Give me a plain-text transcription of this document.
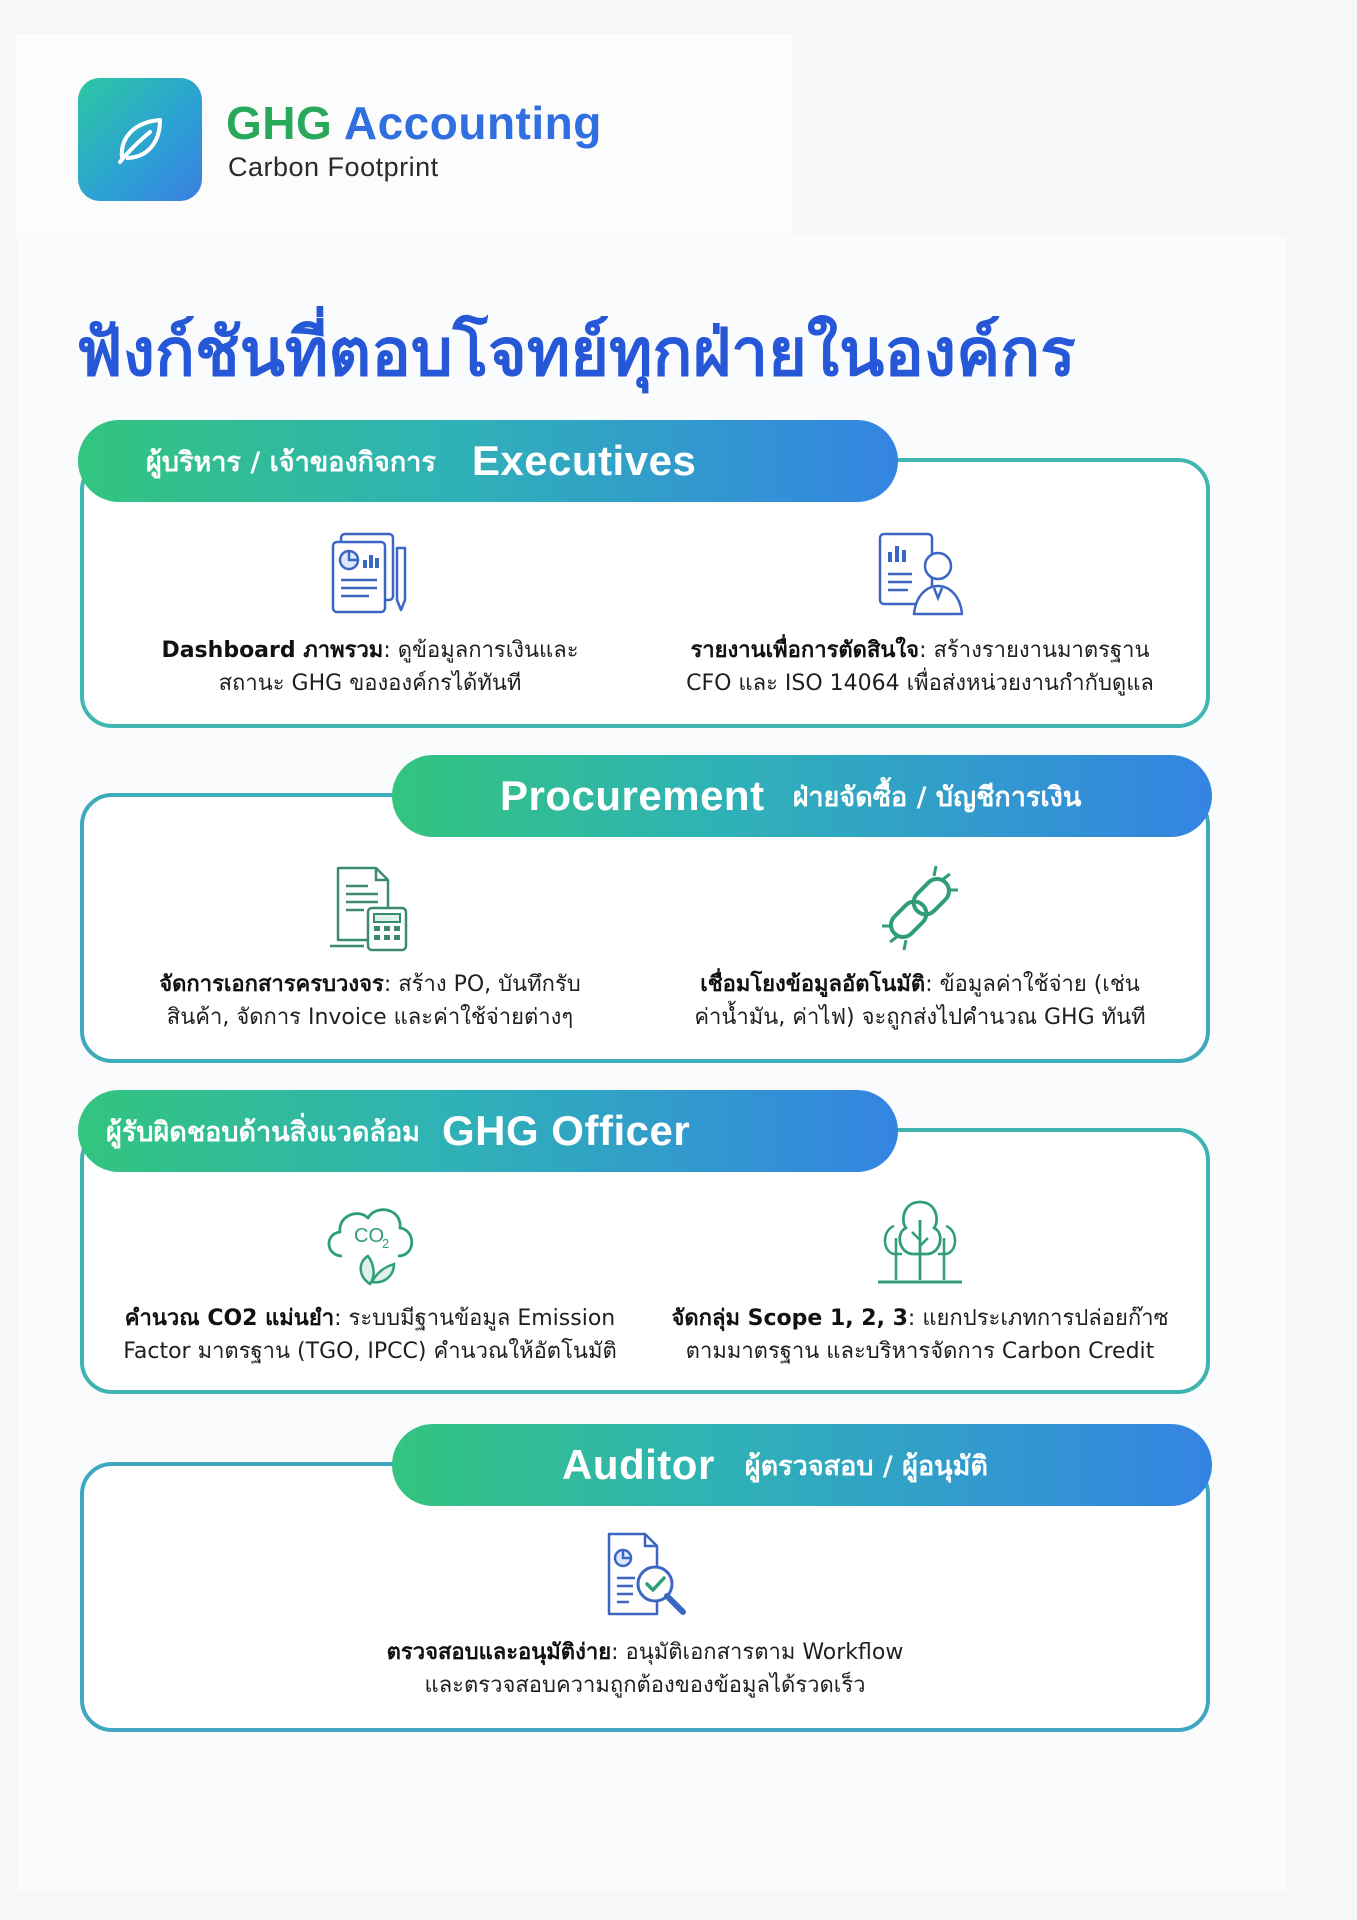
GHG Accounting
Carbon Footprint
ฟังก์ชันที่ตอบโจทย์ทุกฝ่ายในองค์กร
ผู้บริหาร / เจ้าของกิจการ Executives
Dashboard ภาพรวม: ดูข้อมูลการเงินและ
สถานะ GHG ขององค์กรได้ทันที
รายงานเพื่อการตัดสินใจ: สร้างรายงานมาตรฐาน
CFO และ ISO 14064 เพื่อส่งหน่วยงานกำกับดูแล
Procurement ฝ่ายจัดซื้อ / บัญชีการเงิน
จัดการเอกสารครบวงจร: สร้าง PO, บันทึกรับ
สินค้า, จัดการ Invoice และค่าใช้จ่ายต่างๆ
เชื่อมโยงข้อมูลอัตโนมัติ: ข้อมูลค่าใช้จ่าย (เช่น
ค่าน้ำมัน, ค่าไฟ) จะถูกส่งไปคำนวณ GHG ทันที
ผู้รับผิดชอบด้านสิ่งแวดล้อม GHG Officer
CO
2
คำนวณ CO2 แม่นยำ: ระบบมีฐานข้อมูล Emission
Factor มาตรฐาน (TGO, IPCC) คำนวณให้อัตโนมัติ
จัดกลุ่ม Scope 1, 2, 3: แยกประเภทการปล่อยก๊าซ
ตามมาตรฐาน และบริหารจัดการ Carbon Credit
Auditor ผู้ตรวจสอบ / ผู้อนุมัติ
ตรวจสอบและอนุมัติง่าย: อนุมัติเอกสารตาม Workflow
และตรวจสอบความถูกต้องของข้อมูลได้รวดเร็ว
